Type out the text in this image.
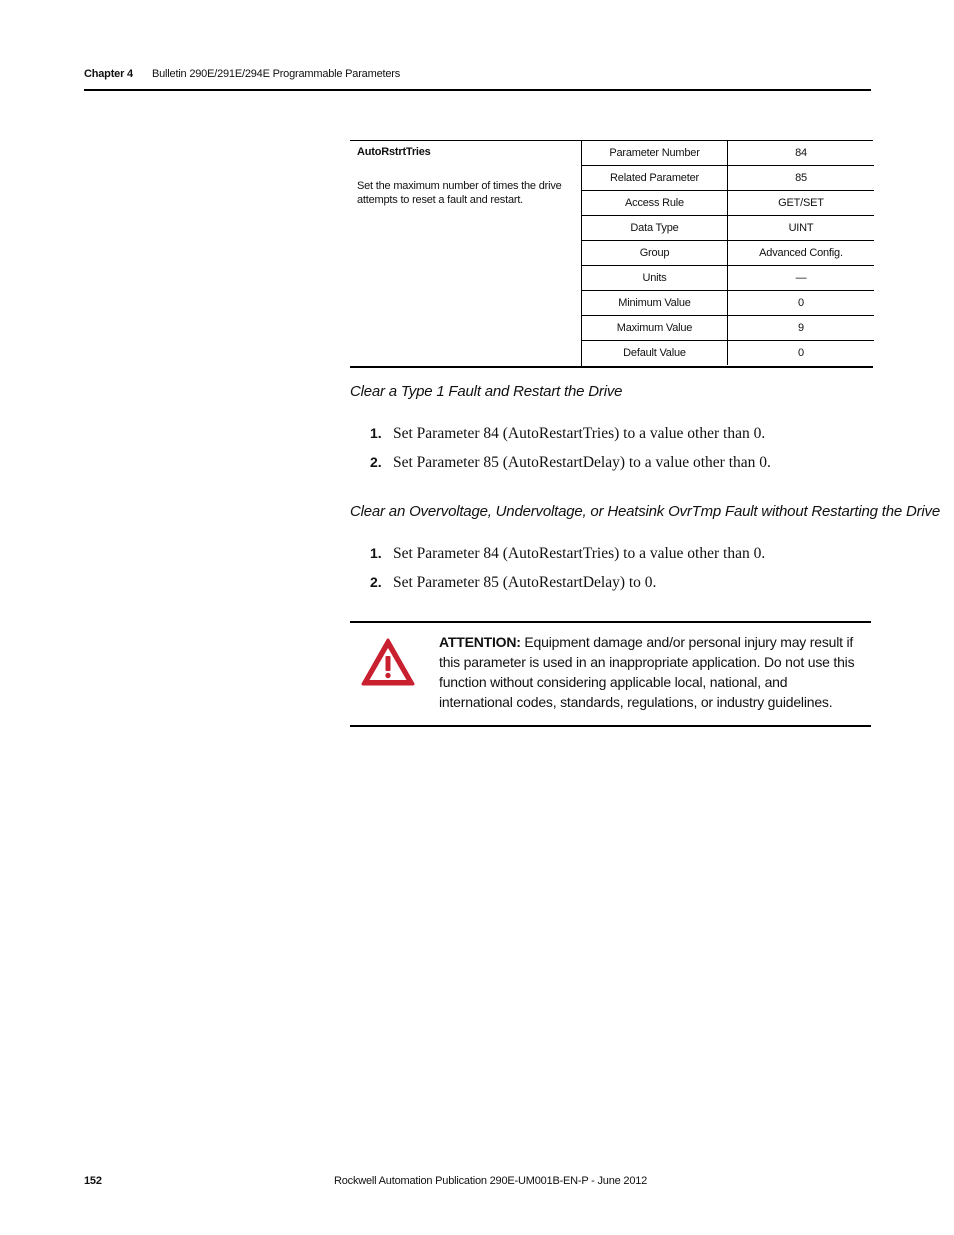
Chapter 4 Bulletin 290E/291E/294E Programmable Parameters
AutoRstrtTries
Set the maximum number of times the drive attempts to reset a fault and restart.
Parameter Number	84
Related Parameter	85
Access Rule	GET/SET
Data Type	UINT
Group	Advanced Config.
Units	—
Minimum Value	0
Maximum Value	9
Default Value	0
Clear a Type 1 Fault and Restart the Drive
1. Set Parameter 84 (AutoRestartTries) to a value other than 0.
2. Set Parameter 85 (AutoRestartDelay) to a value other than 0.
Clear an Overvoltage, Undervoltage, or Heatsink OvrTmp Fault without Restarting the Drive
1. Set Parameter 84 (AutoRestartTries) to a value other than 0.
2. Set Parameter 85 (AutoRestartDelay) to 0.
ATTENTION: Equipment damage and/or personal injury may result if this parameter is used in an inappropriate application. Do not use this function without considering applicable local, national, and international codes, standards, regulations, or industry guidelines.
152	Rockwell Automation Publication 290E-UM001B-EN-P - June 2012
